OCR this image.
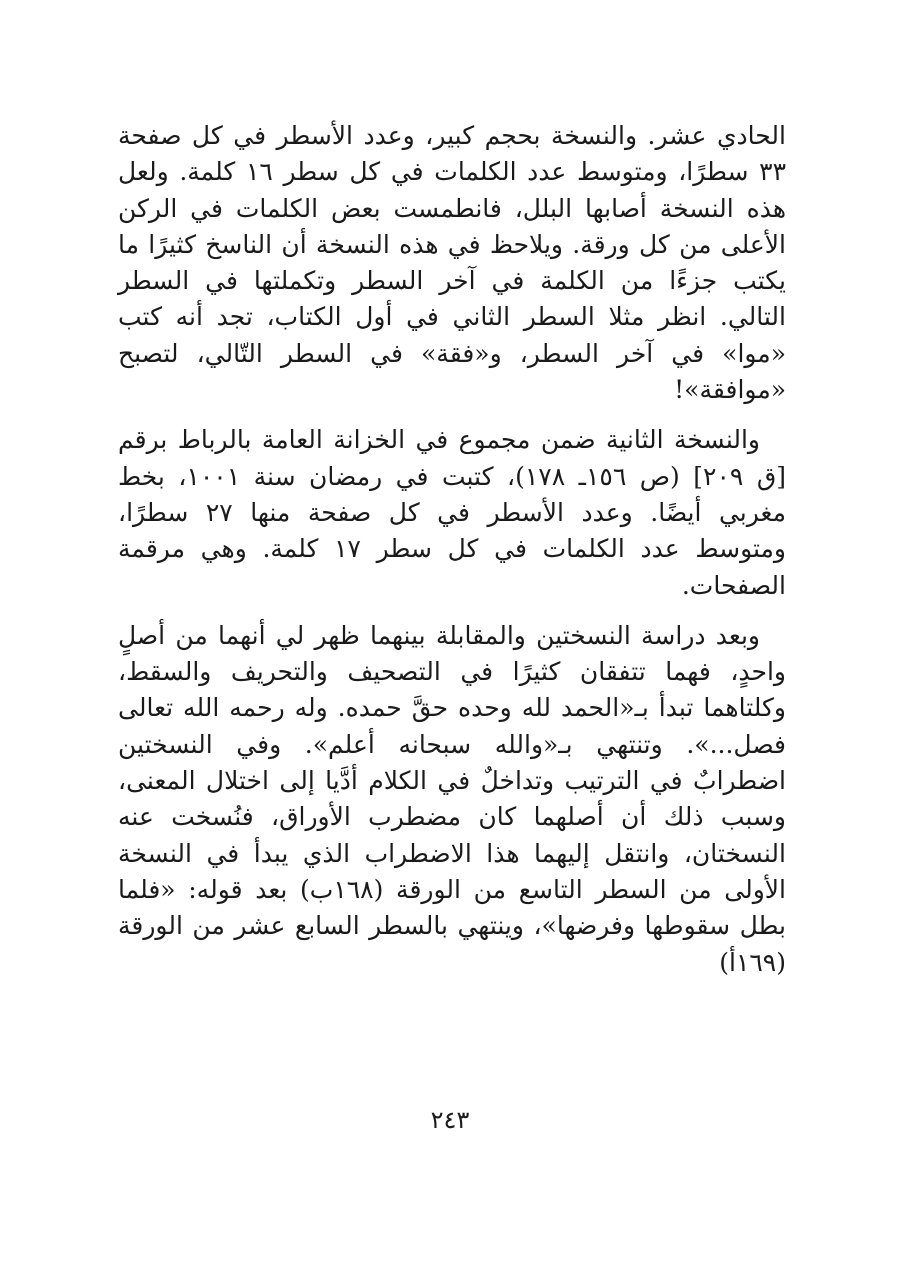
الحادي عشر. والنسخة بحجم كبير، وعدد الأسطر في كل صفحة ٣٣ سطرًا، ومتوسط عدد الكلمات في كل سطر ١٦ كلمة. ولعل هذه النسخة أصابها البلل، فانطمست بعض الكلمات في الركن الأعلى من كل ورقة. ويلاحظ في هذه النسخة أن الناسخ كثيرًا ما يكتب جزءًا من الكلمة في آخر السطر وتكملتها في السطر التالي. انظر مثلا السطر الثاني في أول الكتاب، تجد أنه كتب «موا» في آخر السطر، و«فقة» في السطر التّالي، لتصبح «موافقة»!

والنسخة الثانية ضمن مجموع في الخزانة العامة بالرباط برقم [ق ٢٠٩] (ص ١٥٦ـ ١٧٨)، كتبت في رمضان سنة ١٠٠١، بخط مغربي أيضًا. وعدد الأسطر في كل صفحة منها ٢٧ سطرًا، ومتوسط عدد الكلمات في كل سطر ١٧ كلمة. وهي مرقمة الصفحات.

وبعد دراسة النسختين والمقابلة بينهما ظهر لي أنهما من أصلٍ واحدٍ، فهما تتفقان كثيرًا في التصحيف والتحريف والسقط، وكلتاهما تبدأ بـ«الحمد لله وحده حقَّ حمده. وله رحمه الله تعالى فصل...». وتنتهي بـ«والله سبحانه أعلم». وفي النسختين اضطرابٌ في الترتيب وتداخلٌ في الكلام أدَّيا إلى اختلال المعنى، وسبب ذلك أن أصلهما كان مضطرب الأوراق، فنُسخت عنه النسختان، وانتقل إليهما هذا الاضطراب الذي يبدأ في النسخة الأولى من السطر التاسع من الورقة (١٦٨ب) بعد قوله: «فلما بطل سقوطها وفرضها»، وينتهي بالسطر السابع عشر من الورقة (١٦٩أ)

٢٤٣
